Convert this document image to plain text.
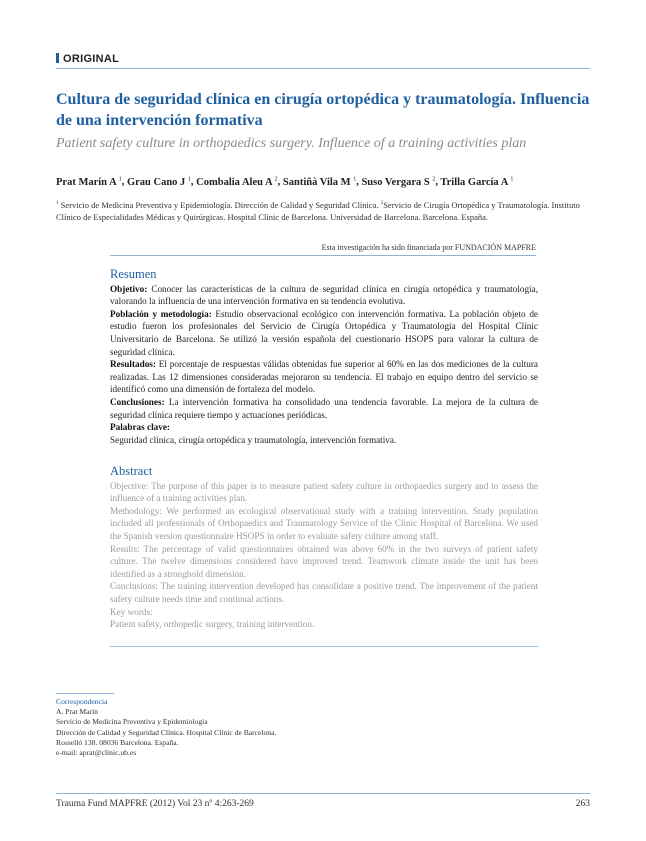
ORIGINAL
Cultura de seguridad clínica en cirugía ortopédica y traumatología. Influencia de una intervención formativa
Patient safety culture in orthopaedics surgery. Influence of a training activities plan
Prat Marín A $^1$, Grau Cano J $^1$, Combalia Aleu A $^2$, Santiñà Vila M $^1$, Suso Vergara S $^2$, Trilla García A $^1$
$^1$ Servicio de Medicina Preventiva y Epidemiología. Dirección de Calidad y Seguridad Clínica. $^2$Servicio de Cirugía Ortopédica y Traumatología. Instituto Clínico de Especialidades Médicas y Quirúrgicas. Hospital Clínic de Barcelona. Universidad de Barcelona. Barcelona. España.
Esta investigación ha sido financiada por FUNDACIÓN MAPFRE
Resumen

Objetivo: Conocer las características de la cultura de seguridad clínica en cirugía ortopédica y traumatología, valorando la influencia de una intervención formativa en su tendencia evolutiva.

Población y metodología: Estudio observacional ecológico con intervención formativa. La población objeto de estudio fueron los profesionales del Servicio de Cirugía Ortopédica y Traumatología del Hospital Clínic Universitario de Barcelona. Se utilizó la versión española del cuestionario HSOPS para valorar la cultura de seguridad clínica.

Resultados: El porcentaje de respuestas válidas obtenidas fue superior al 60% en las dos mediciones de la cultura realizadas. Las 12 dimensiones consideradas mejoraron su tendencia. El trabajo en equipo dentro del servicio se identificó como una dimensión de fortaleza del modelo.

Conclusiones: La intervención formativa ha consolidado una tendencia favorable. La mejora de la cultura de seguridad clínica requiere tiempo y actuaciones periódicas.

Palabras clave:

Seguridad clínica, cirugía ortopédica y traumatología, intervención formativa.

Abstract

Objective: The purpose of this paper is to measure patient safety culture in orthopaedics surgery and to assess the influence of a training activities plan.

Methodology: We performed an ecological observational study with a training intervention. Study population included all professionals of Orthopaedics and Traumatology Service of the Clinic Hospital of Barcelona. We used the Spanish version questionnaire HSOPS in order to evaluate safety culture among staff.

Results: The percentage of valid questionnaires obtained was above 60% in the two surveys of patient safety culture. The twelve dimensions considered have improved trend. Teamwork climate inside the unit has been identified as a stronghold dimension.

Conclusions: The training intervention developed has consolidate a positive trend. The improvement of the patient safety culture needs time and continual actions.

Key words:

Patient safety, orthopedic surgery, training intervention.

Correspondencia
A. Prat Marín
Servicio de Medicina Preventiva y Epidemiología
Dirección de Calidad y Seguridad Clínica. Hospital Clínic de Barcelona.
Rosselló 138. 08036 Barcelona. España.
e-mail: aprat@clinic.ub.es
Trauma Fund MAPFRE (2012) Vol 23 nº 4:263-269	263
